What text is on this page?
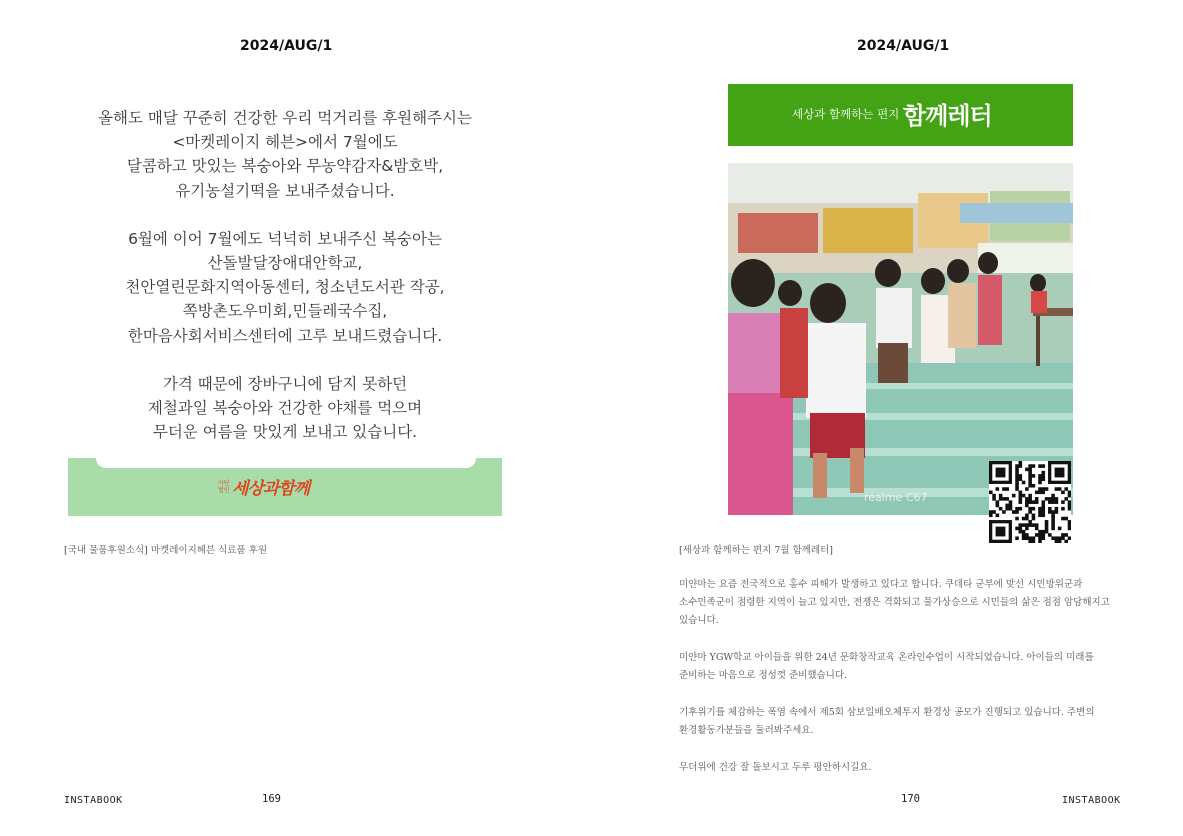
2024/AUG/1
올해도 매달 꾸준히 건강한 우리 먹거리를 후원해주시는
<마켓레이지 헤븐>에서 7월에도
달콤하고 맛있는 복숭아와 무농약감자&밤호박,
유기농설기떡을 보내주셨습니다.
6월에 이어 7월에도 넉넉히 보내주신 복숭아는
산돌발달장애대안학교,
천안열린문화지역아동센터, 청소년도서관 작공,
쪽방촌도우미회,민들레국수집,
한마음사회서비스센터에 고루 보내드렸습니다.
가격 때문에 장바구니에 담지 못하던
제철과일 복숭아와 건강한 야채를 먹으며
무더운 여름을 맛있게 보내고 있습니다.
사단
법인 세상과함께
[국내 물품후원소식] 마켓레이지헤븐 식료품 후원
INSTABOOK	169
2024/AUG/1
세상과 함께하는 편지 함께레터
realme C67
[세상과 함께하는 편지 7월 함께레터]

미얀마는 요즘 전국적으로 홍수 피해가 발생하고 있다고 합니다. 쿠데타 군부에 맞선 시민방위군과
소수민족군이 점령한 지역이 늘고 있지만, 전쟁은 격화되고 물가상승으로 시민들의 삶은 점점 암담해지고
있습니다.

미얀마 YGW학교 아이들을 위한 24년 문화창작교육 온라인수업이 시작되었습니다. 아이들의 미래를
준비하는 마음으로 정성껏 준비했습니다.

기후위기를 체감하는 폭염 속에서 제5회 삼보일배오체투지 환경상 공모가 진행되고 있습니다. 주변의
환경활동가분들을 둘러봐주세요.

무더위에 건강 잘 돌보시고 두루 평안하시길요.

170	INSTABOOK
